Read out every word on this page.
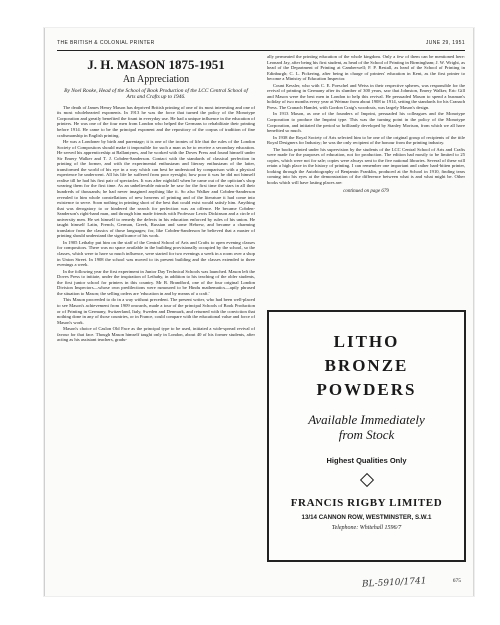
THE BRITISH & COLONIAL PRINTER	JUNE 29, 1951
J. H. MASON 1875-1951
An Appreciation
By Noel Rooke, Head of the School of Book Production of the LCC Central School of Arts and Crafts up to 1946.

The death of James Henry Mason has deprived British printing of one of its most interesting and one of its most wholehearted exponents. In 1913 he was the force that turned the policy of the Monotype Corporation and greatly benefited the fount in everyday use. He had a unique influence in the education of printers. He was one of the four men from London who helped the Germans to rehabilitate their printing before 1914. He came to be the principal exponent and the repository of the corpus of tradition of fine craftsmanship in English printing.

He was a Londoner by birth and parentage; it is one of the ironies of life that the rules of the London Society of Compositors should make it impossible for such a man as he to receive a secondary education. He served his apprenticeship at Ballantynes, and he worked with the Doves Press and found himself under Sir Emery Walker and T. J. Cobden-Sanderson. Contact with the standards of classical perfection in printing of the former, and with the experimental enthusiasm and literary enthusiasm of the latter, transformed the world of his eye in a way which can best be understood by comparison with a physical experience he underwent. All his life he suffered from poor eyesight; how poor it was he did not himself realise till he had his first pair of spectacles. It was after nightfall when he came out of the optician's shop wearing them for the first time. As an unbelievable miracle he saw for the first time the stars in all their hundreds of thousands; he had never imagined anything like it. So also Walker and Cobden-Sanderson revealed to him whole constellations of new heavens of printing and of the literature it had come into existence to serve. Soon nothing in printing short of the best that could exist would satisfy him. Anything that was derogatory to or hindered the search for perfection was an offence. He became Cobden-Sanderson's right-hand man, and through him made friends with Professor Lewis Dickinson and a circle of university men. He set himself to remedy the defects in his education enforced by rules of his union. He taught himself Latin, French, German, Greek, Russian and some Hebrew, and became a charming translator from the classics of those languages; for, like Cobden-Sanderson he believed that a master of printing should understand the significance of his work.

In 1905 Lethaby put him on the staff of the Central School of Arts and Crafts to open evening classes for compositors. There was no space available in the building provisionally occupied by the school, so the classes, which were to have so much influence, were started for two evenings a week in a room over a shop in Union Street. In 1908 the school was moved to its present building and the classes extended to three evenings a week.

In the following year the first experiment in Junior Day Technical Schools was launched. Mason left the Doves Press to initiate, under the inspiration of Lethaby, in addition to his teaching of the older students, the first junior school for printers in this country. Mr B. Brandford, one of the four original London Division Inspectors—whose own predilections were rumoured to be Hindu mathematics—aptly phrased the situation to Mason; the selling orders are 'education in and by means of a craft.'

This Mason proceeded to do in a way without precedent. The present writer, who had been well-placed to see Mason's achievement from 1909 onwards, made a tour of the principal Schools of Book Production or of Printing in Germany, Switzerland, Italy, Sweden and Denmark, and returned with the conviction that nothing done in any of those countries, or in France, could compare with the educational value and force of Mason's work.

Mason's choice of Caslon Old Face as the principal type to be used, initiated a wide-spread revival of favour for that face. Though Mason himself taught only in London, about 40 of his former students, after acting as his assistant teachers, gradu-

ally permeated the printing education of the whole kingdom. Only a few of them can be mentioned here: Leonard Jay, after being his first student, as head of the School of Printing in Birmingham; J. W. Wright, as head of the Department of Printing at Camberwell; F. P. Restall, as head of the School of Printing in Edinburgh; C. L. Pickering, after being in charge of printers' education in Kent, as the first printer to become a Ministry of Education Inspector.

Count Kessler, who with C. E. Poeschel and Weiss in their respective spheres, was responsible for the revival of printing in Germany after its slumber of 300 years, saw that Johnston, Emery Walker, Eric Gill and Mason were the best men in London to help this revival. He persuaded Mason to spend a busman's holiday of two months every year at Weimar from about 1908 to 1914, setting the standards for his Cranach Press. The Cranach Hamlet, with Gordon Craig's woodcuts, was largely Mason's design.

In 1913 Mason, as one of the founders of Imprint, persuaded his colleagues and the Monotype Corporation to produce the Imprint type. This was the turning point in the policy of the Monotype Corporation, and initiated the period so brilliantly developed by Stanley Morison, from which we all have benefited so much.

In 1938 the Royal Society of Arts selected him to be one of the original group of recipients of the title Royal Designers for Industry; he was the only recipient of the honour from the printing industry.

The books printed under his supervision by the students of the LCC Central School of Arts and Crafts were made for the purposes of education, not for production. The edition had mostly to be limited to 25 copies, which were not for sale; copies were always sent to the five national libraries. Several of these will retain a high place in the history of printing. I can remember one important and rather hard-bitten printer, looking through the Autobiography of Benjamin Franklin, produced at the School in 1910, finding tears coming into his eyes at the demonstration of the difference between what is and what might be. Other books which will have lasting places are:

continued on page 679
LITHO
BRONZE
POWDERS
Available Immediately
from Stock
Highest Qualities Only
FRANCIS RIGBY LIMITED
13/14 CANNON ROW, WESTMINSTER, S.W.1
Telephone: Whitehall 1596/7
675
BL-5910/1741
